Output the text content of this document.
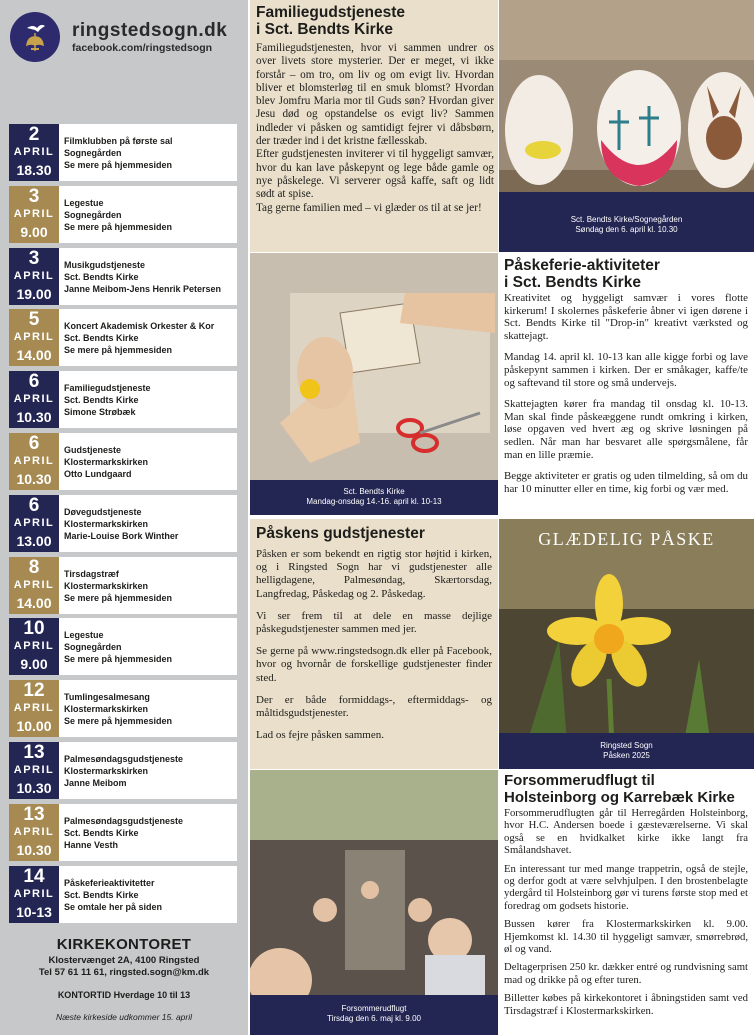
ringstedsogn.dk
facebook.com/ringstedsogn
2
APRIL
18.30
Filmklubben på første sal
Sognegården
Se mere på hjemmesiden
3
APRIL
9.00
Legestue
Sognegården
Se mere på hjemmesiden
3
APRIL
19.00
Musikgudstjeneste
Sct. Bendts Kirke
Janne Meibom-Jens Henrik Petersen
5
APRIL
14.00
Koncert Akademisk Orkester & Kor
Sct. Bendts Kirke
Se mere på hjemmesiden
6
APRIL
10.30
Familiegudstjeneste
Sct. Bendts Kirke
Simone Strøbæk
6
APRIL
10.30
Gudstjeneste
Klostermarkskirken
Otto Lundgaard
6
APRIL
13.00
Døvegudstjeneste
Klostermarkskirken
Marie-Louise Bork Winther
8
APRIL
14.00
Tirsdagstræf
Klostermarkskirken
Se mere på hjemmesiden
10
APRIL
9.00
Legestue
Sognegården
Se mere på hjemmesiden
12
APRIL
10.00
Tumlingesalmesang
Klostermarkskirken
Se mere på hjemmesiden
13
APRIL
10.30
Palmesøndagsgudstjeneste
Klostermarkskirken
Janne Meibom
13
APRIL
10.30
Palmesøndagsgudstjeneste
Sct. Bendts Kirke
Hanne Vesth
14
APRIL
10-13
Påskeferieaktivitetter
Sct. Bendts Kirke
Se omtale her på siden
KIRKEKONTORET
Klostervænget 2A, 4100 Ringsted
Tel 57 61 11 61, ringsted.sogn@km.dk
KONTORTID Hverdage 10 til 13
Næste kirkeside udkommer 15. april
Familiegudstjeneste
i Sct. Bendts Kirke
Familiegudstjenesten, hvor vi sammen undrer os over livets store mysterier. Der er meget, vi ikke forstår – om tro, om liv og om evigt liv. Hvordan bliver et blomsterløg til en smuk blomst? Hvordan blev Jomfru Maria mor til Guds søn? Hvordan giver Jesu død og opstandelse os evigt liv? Sammen indleder vi påsken og samtidigt fejrer vi dåbsbørn, der træder ind i det kristne fællesskab.
Efter gudstjenesten inviterer vi til hyggeligt samvær, hvor du kan lave påskepynt og lege både gamle og nye påskelege. Vi serverer også kaffe, saft og lidt sødt at spise.
Tag gerne familien med – vi glæder os til at se jer!
Sct. Bendts Kirke/Sognegården
Søndag den 6. april kl. 10.30
Sct. Bendts Kirke
Mandag-onsdag 14.-16. april kl. 10-13
Påskeferie-aktiviteter
i Sct. Bendts Kirke

Kreativitet og hyggeligt samvær i vores flotte kirkerum! I skolernes påskeferie åbner vi igen dørene i Sct. Bendts Kirke til "Drop-in" kreativt værksted og skattejagt.

Mandag 14. april kl. 10-13 kan alle kigge forbi og lave påskepynt sammen i kirken. Der er småkager, kaffe/te og saftevand til store og små undervejs.

Skattejagten kører fra mandag til onsdag kl. 10-13. Man skal finde påskeæggene rundt omkring i kirken, løse opgaven ved hvert æg og skrive løsningen på sedlen. Når man har besvaret alle spørgsmålene, får man en lille præmie.

Begge aktiviteter er gratis og uden tilmelding, så om du har 10 minutter eller en time, kig forbi og vær med.

Påskens gudstjenester

Påsken er som bekendt en rigtig stor højtid i kirken, og i Ringsted Sogn har vi gudstjenester alle helligdagene, Palmesøndag, Skærtorsdag, Langfredag, Påskedag og 2. Påskedag.

Vi ser frem til at dele en masse dejlige påskegudstjenester sammen med jer.

Se gerne på www.ringstedsogn.dk eller på Facebook, hvor og hvornår de forskellige gudstjenester finder sted.

Der er både formiddags-, eftermiddags- og måltidsgudstjenester.

Lad os fejre påsken sammen.

GLÆDELIG PÅSKE
Ringsted Sogn
Påsken 2025
Forsommerudflugt
Tirsdag den 6. maj kl. 9.00
Forsommerudflugt til
Holsteinborg og Karrebæk Kirke

Forsommerudflugten går til Herregården Holsteinborg, hvor H.C. Andersen boede i gæsteværelserne. Vi skal også se en hvidkalket kirke ikke langt fra Smålandshavet.

En interessant tur med mange trappetrin, også de stejle, og derfor godt at være selvhjulpen. I den brostenbelagte ydergård til Holsteinborg gør vi turens første stop med et foredrag om godsets historie.

Bussen kører fra Klostermarkskirken kl. 9.00. Hjemkomst kl. 14.30 til hyggeligt samvær, smørrebrød, øl og vand.

Deltagerprisen 250 kr. dækker entré og rundvisning samt mad og drikke på og efter turen.

Billetter købes på kirkekontoret i åbningstiden samt ved Tirsdagstræf i Klostermarkskirken.
